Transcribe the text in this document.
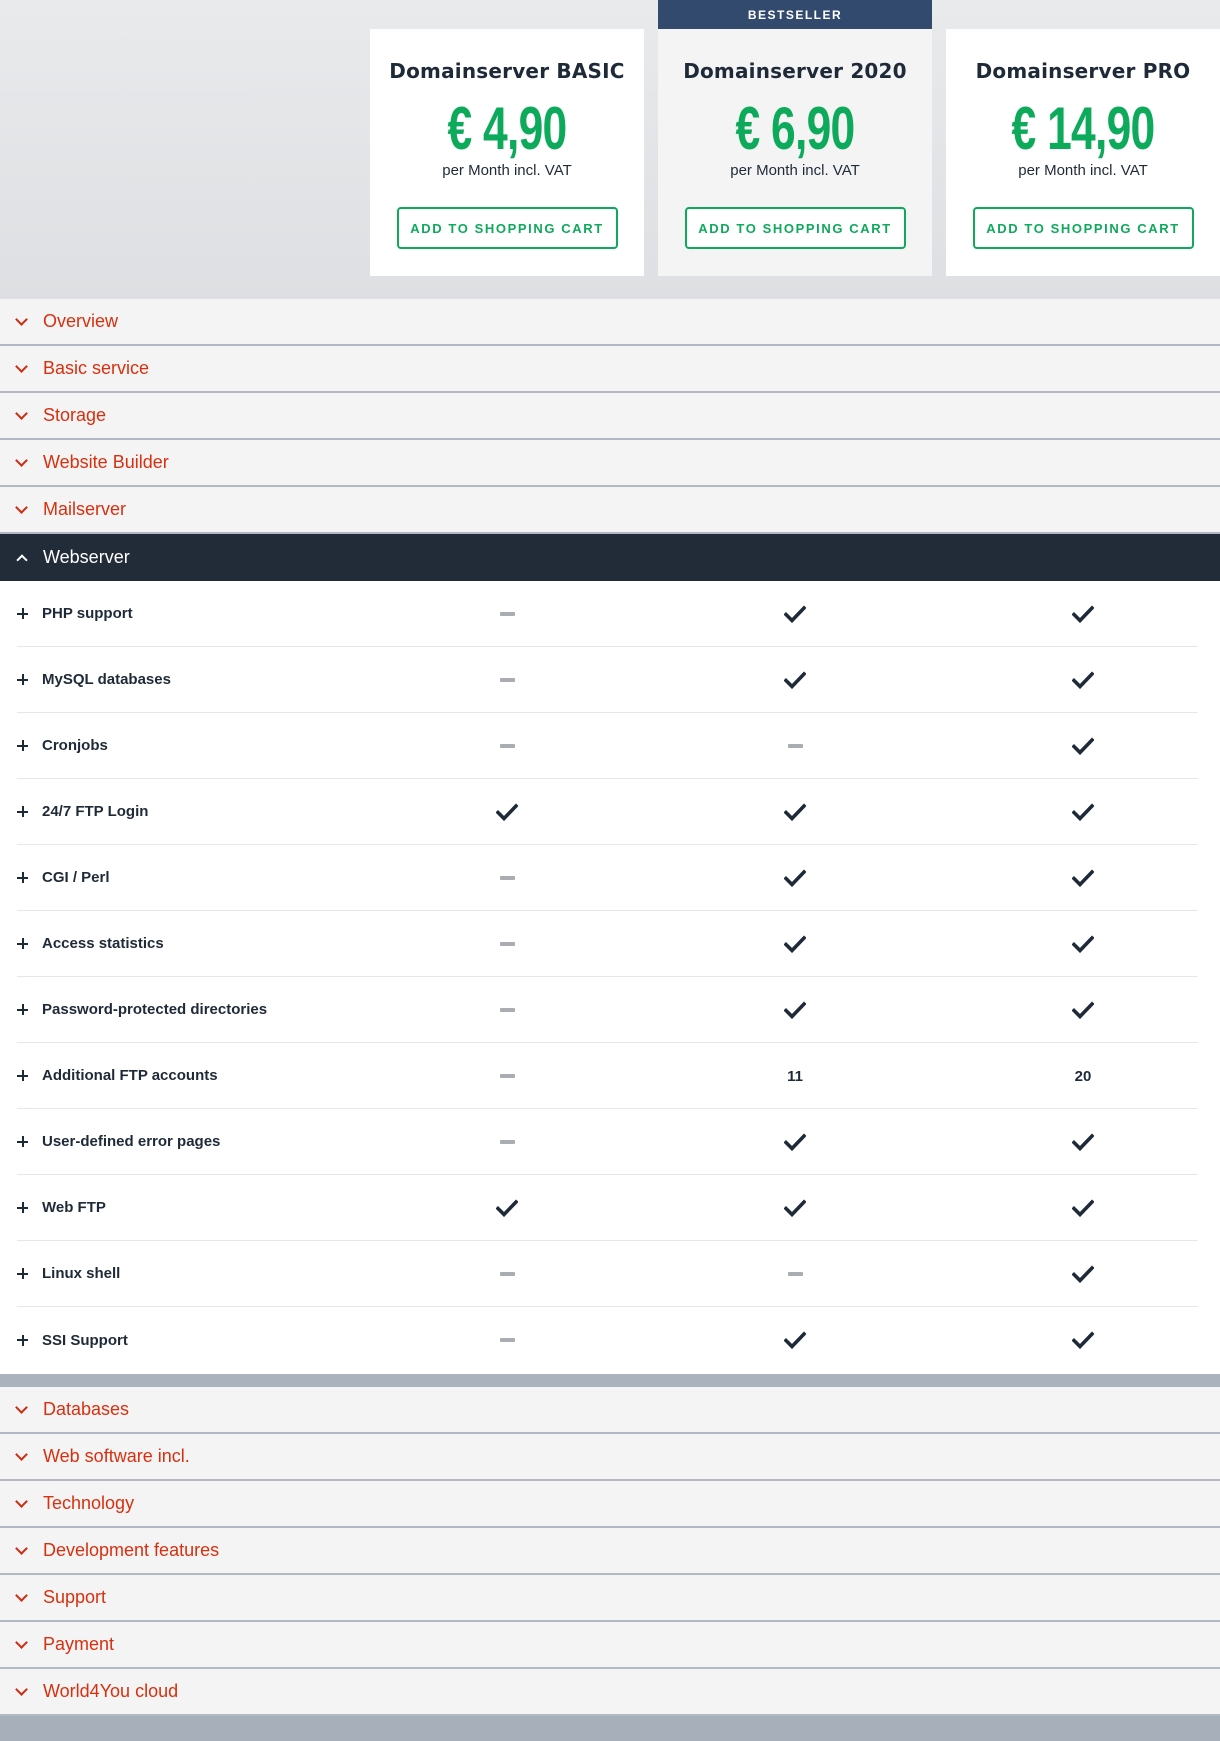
BESTSELLER
Domainserver BASIC
€ 4,90
per Month incl. VAT
ADD TO SHOPPING CART
Domainserver 2020
€ 6,90
per Month incl. VAT
ADD TO SHOPPING CART
Domainserver PRO
€ 14,90
per Month incl. VAT
ADD TO SHOPPING CART
Overview
Basic service
Storage
Website Builder
Mailserver
Webserver
PHP support
MySQL databases
Cronjobs
24/7 FTP Login
CGI / Perl
Access statistics
Password-protected directories
Additional FTP accounts	11	20
User-defined error pages
Web FTP
Linux shell
SSI Support
Databases
Web software incl.
Technology
Development features
Support
Payment
World4You cloud
